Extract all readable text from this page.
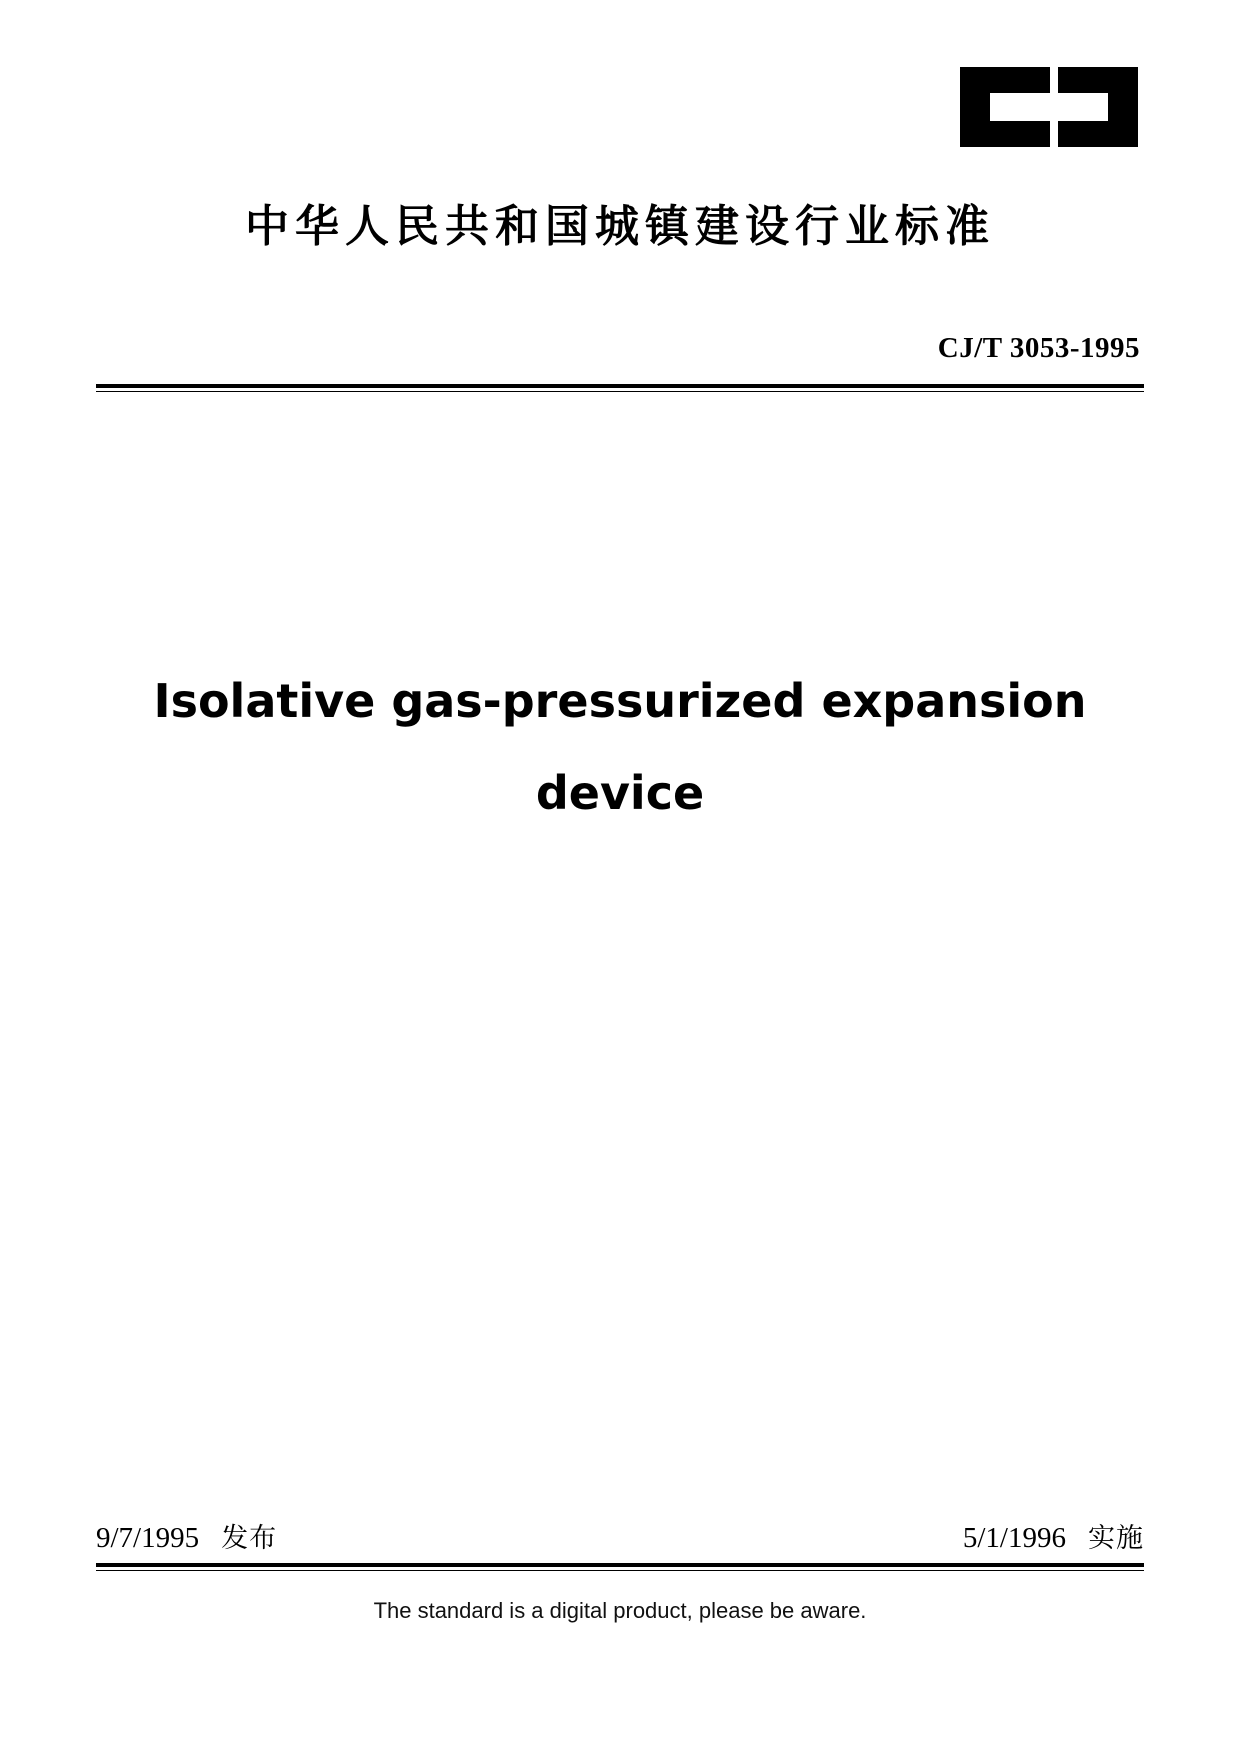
中华人民共和国城镇建设行业标准
CJ/T 3053-1995
Isolative gas-pressurized expansion
device
9/7/1995 发布	5/1/1996 实施
The standard is a digital product, please be aware.
